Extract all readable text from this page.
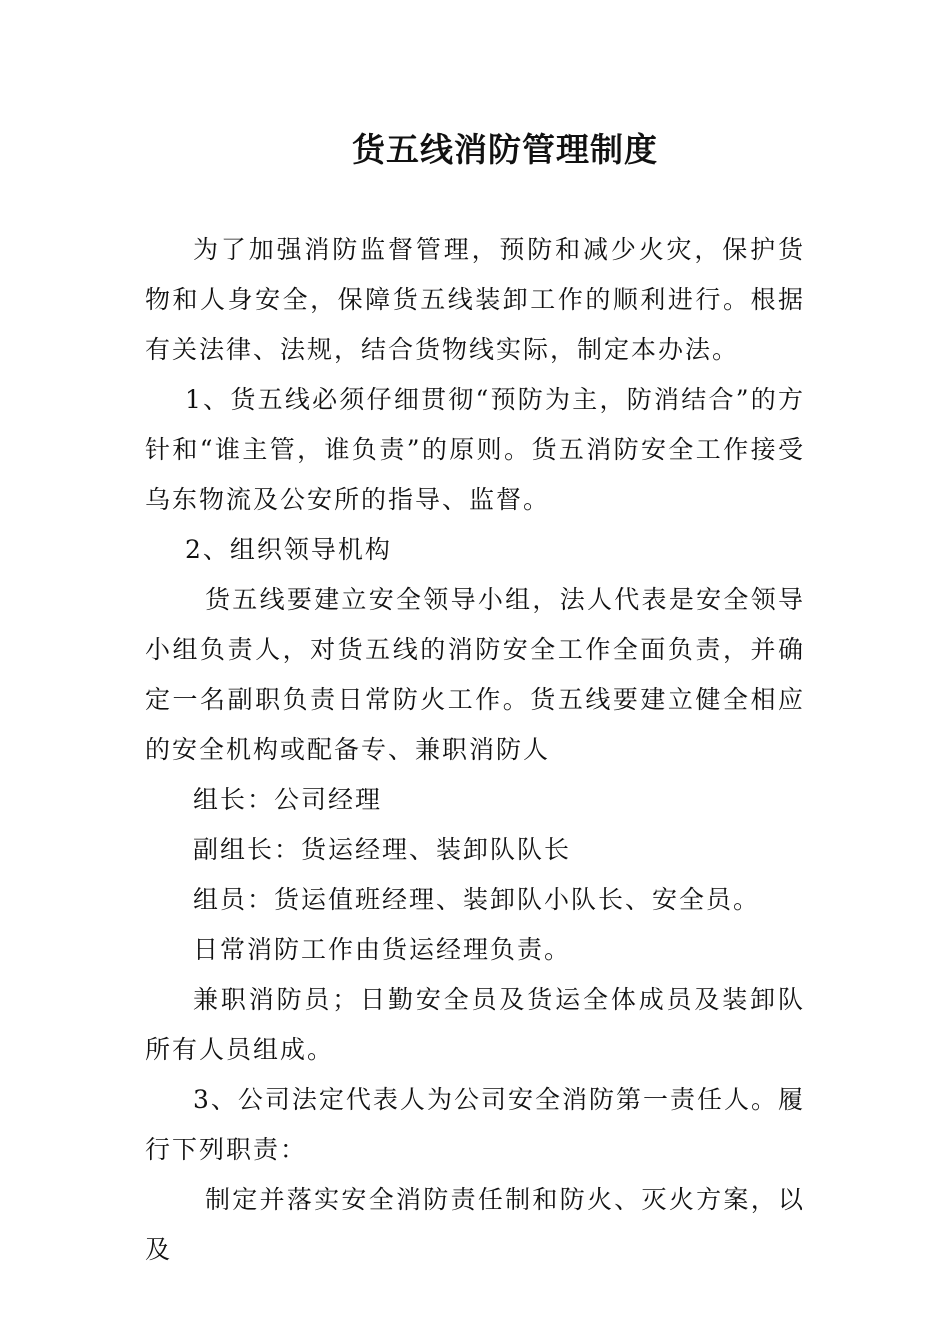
货五线消防管理制度

为了加强消防监督管理，预防和减少火灾，保护货物和人身安全，保障货五线装卸工作的顺利进行。根据有关法律、法规，结合货物线实际，制定本办法。

1、货五线必须仔细贯彻“预防为主，防消结合”的方针和“谁主管，谁负责”的原则。货五消防安全工作接受乌东物流及公安所的指导、监督。

2、组织领导机构

货五线要建立安全领导小组，法人代表是安全领导小组负责人，对货五线的消防安全工作全面负责，并确定一名副职负责日常防火工作。货五线要建立健全相应的安全机构或配备专、兼职消防人

组长：公司经理

副组长：货运经理、装卸队队长

组员：货运值班经理、装卸队小队长、安全员。

日常消防工作由货运经理负责。

兼职消防员；日勤安全员及货运全体成员及装卸队所有人员组成。

3、公司法定代表人为公司安全消防第一责任人。履行下列职责：

制定并落实安全消防责任制和防火、灭火方案，以及
